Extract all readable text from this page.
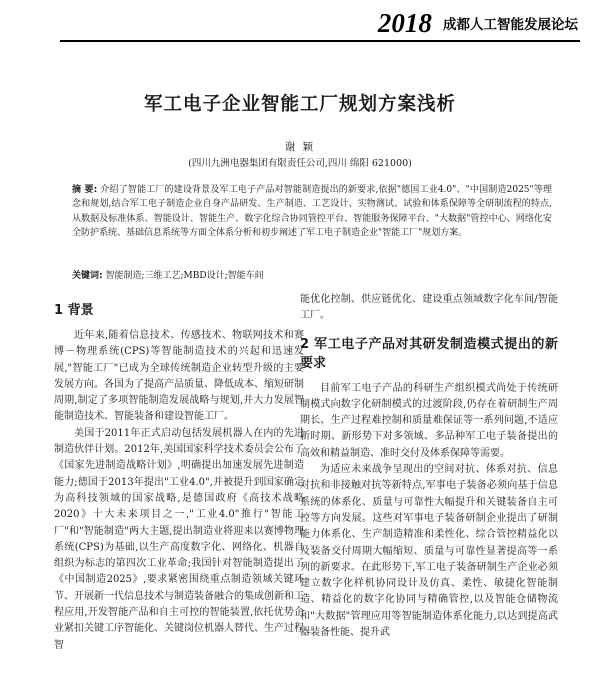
2018 成都人工智能发展论坛
军工电子企业智能工厂规划方案浅析
谢 颖
(四川九洲电器集团有限责任公司,四川 绵阳 621000)
摘 要: 介绍了智能工厂的建设背景及军工电子产品对智能制造提出的新要求,依据"德国工业4.0"、"中国制造2025"等理念和规划,结合军工电子制造企业自身产品研发、生产制造、工艺设计、实物测试、试验和体系保障等全研制流程的特点,从数据及标准体系、智能设计、智能生产、数字化综合协同管控平台、智能服务保障平台、"大数据"管控中心、网络化安全防护系统、基础信息系统等方面全体系分析和初步阐述了军工电子制造企业"智能工厂"规划方案。
关键词: 智能制造;三维工艺;MBD设计;智能车间
1 背景

近年来,随着信息技术、传感技术、物联网技术和赛博－物理系统(CPS)等智能制造技术的兴起和迅速发展,"智能工厂"已成为全球传统制造企业转型升级的主要发展方向。各国为了提高产品质量、降低成本、缩短研制周期,制定了多项智能制造发展战略与规划,并大力发展智能制造技术、智能装备和建设智能工厂。

美国于2011年正式启动包括发展机器人在内的先进制造伙伴计划。2012年,美国国家科学技术委员会公布了《国家先进制造战略计划》,明确提出加速发展先进制造能力;德国于2013年提出"工业4.0",并被提升到国家确定为高科技领域的国家战略,是德国政府《高技术战略2020》十大未来项目之一,"工业4.0"推行"智能工厂"和"智能制造"两大主题,提出制造业将迎来以赛博物理系统(CPS)为基础,以生产高度数字化、网络化、机器自组织为标志的第四次工业革命;我国针对智能制造提出了《中国制造2025》,要求紧密围绕重点制造领域关键环节、开展新一代信息技术与制造装备融合的集成创新和工程应用,开发智能产品和自主可控的智能装置,依托优势企业紧扣关键工序智能化、关键岗位机器人替代、生产过程智

能优化控制、供应链优化、建设重点领域数字化车间/智能工厂。

2 军工电子产品对其研发制造模式提出的新要求

目前军工电子产品的科研生产组织模式尚处于传统研制模式向数字化研制模式的过渡阶段,仍存在着研制生产周期长、生产过程难控制和质量难保证等一系列问题,不适应新时期、新形势下对多领域、多品种军工电子装备提出的高效和精益制造、准时交付及体系保障等需要。

为适应未来战争呈现出的空间对抗、体系对抗、信息对抗和非接触对抗等新特点,军事电子装备必须向基于信息系统的体系化、质量与可靠性大幅提升和关键装备自主可控等方向发展。这些对军事电子装备研制企业提出了研制能力体系化、生产制造精准和柔性化、综合管控精益化以及装备交付周期大幅缩短、质量与可靠性显著提高等一系列的新要求。在此形势下,军工电子装备研制生产企业必须建立数字化样机协同设计及仿真、柔性、敏捷化智能制造、精益化的数字化协同与精确管控,以及智能仓储物流和"大数据"管理应用等智能制造体系化能力,以达到提高武器装备性能、提升武
